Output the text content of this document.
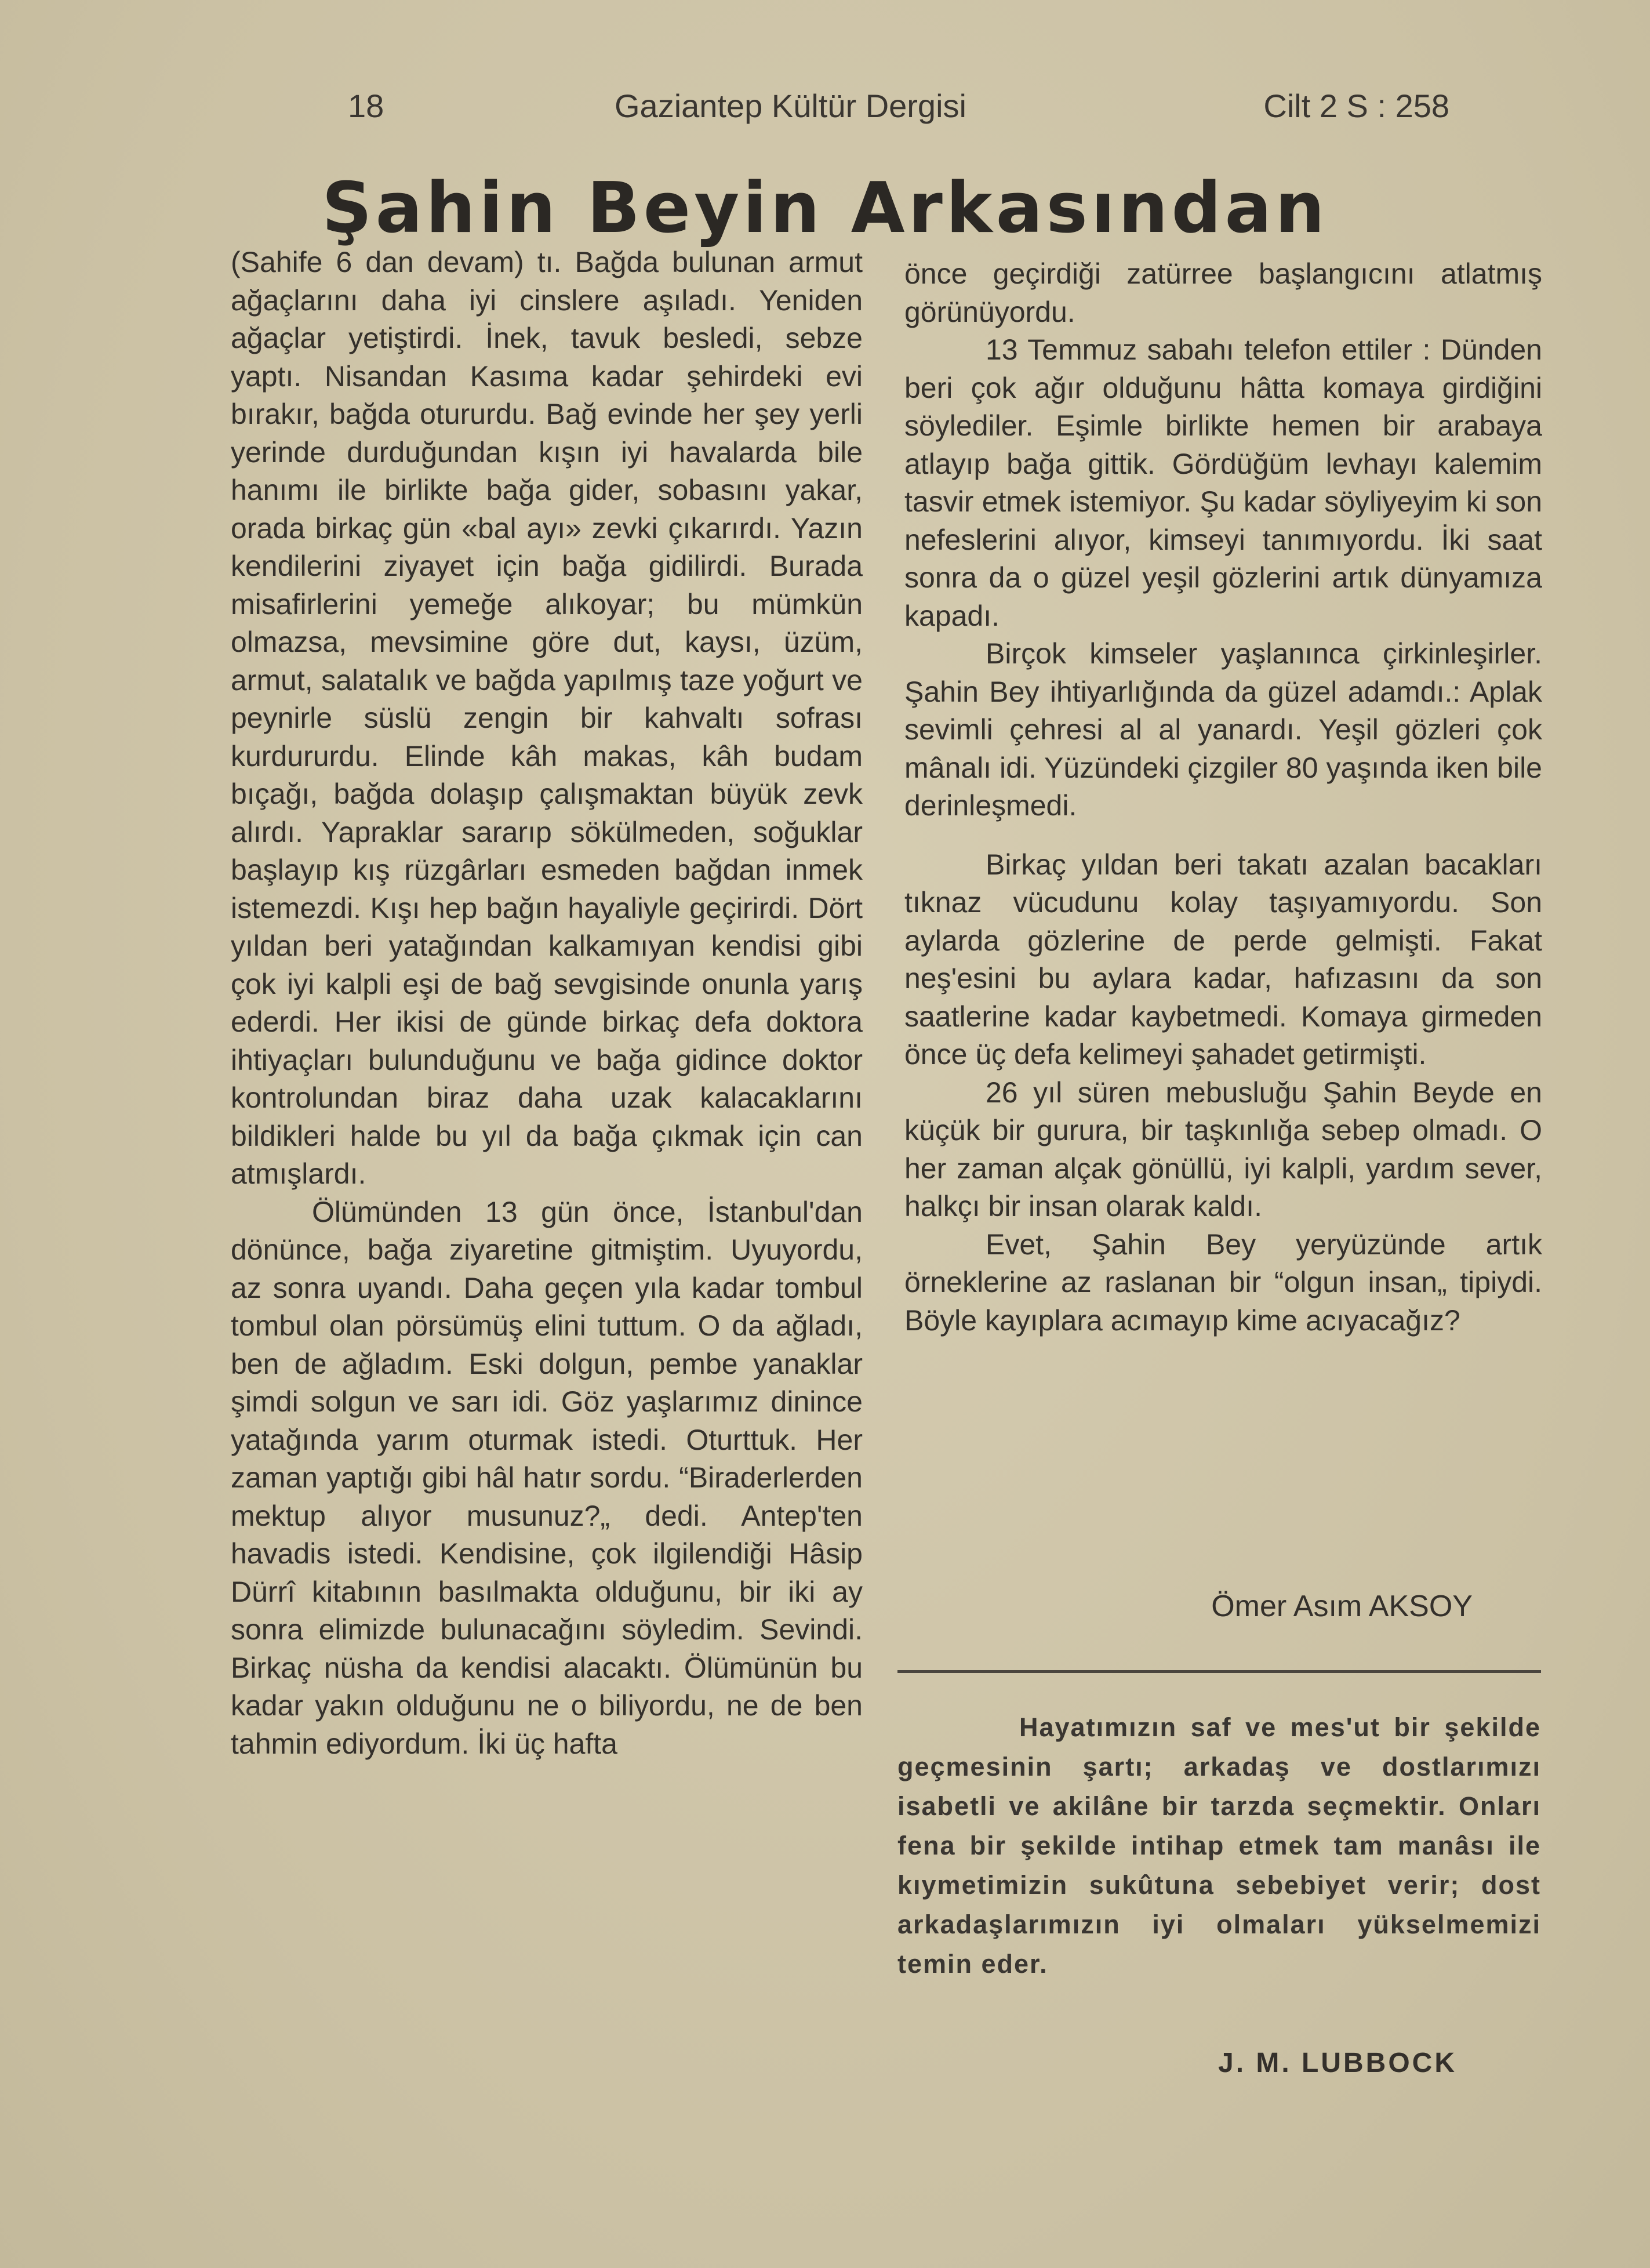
18	Gaziantep Kültür Dergisi	Cilt 2 S : 258
Şahin Beyin Arkasından

(Sahife 6 dan devam) tı. Bağda bulunan armut ağaçlarını daha iyi cinslere aşıladı. Yeniden ağaçlar yetiştirdi. İnek, tavuk besledi, sebze yaptı. Nisandan Kasıma kadar şehirdeki evi bırakır, bağda otururdu. Bağ evinde her şey yerli yerinde durduğundan kışın iyi havalarda bile hanımı ile birlikte bağa gider, sobasını yakar, orada birkaç gün «bal ayı» zevki çıkarırdı. Yazın kendilerini ziyayet için bağa gidilirdi. Burada misafirlerini yemeğe alıkoyar; bu mümkün olmazsa, mevsimine göre dut, kaysı, üzüm, armut, salatalık ve bağda yapılmış taze yoğurt ve peynirle süslü zengin bir kahvaltı sofrası kurdururdu. Elinde kâh makas, kâh budam bıçağı, bağda dolaşıp çalışmaktan büyük zevk alırdı. Yapraklar sararıp sökülmeden, soğuklar başlayıp kış rüzgârları esmeden bağdan inmek istemezdi. Kışı hep bağın hayaliyle geçirirdi. Dört yıldan beri yatağından kalkamıyan kendisi gibi çok iyi kalpli eşi de bağ sevgisinde onunla yarış ederdi. Her ikisi de günde birkaç defa doktora ihtiyaçları bulunduğunu ve bağa gidince doktor kontrolundan biraz daha uzak kalacaklarını bildikleri halde bu yıl da bağa çıkmak için can atmışlardı.

Ölümünden 13 gün önce, İstanbul'dan dönünce, bağa ziyaretine gitmiştim. Uyuyordu, az sonra uyandı. Daha geçen yıla kadar tombul tombul olan pörsümüş elini tuttum. O da ağladı, ben de ağladım. Eski dolgun, pembe yanaklar şimdi solgun ve sarı idi. Göz yaşlarımız dinince yatağında yarım oturmak istedi. Oturttuk. Her zaman yaptığı gibi hâl hatır sordu. “Biraderlerden mektup alıyor musunuz?„ dedi. Antep'ten havadis istedi. Kendisine, çok ilgilendiği Hâsip Dürrî kitabının basılmakta olduğunu, bir iki ay sonra elimizde bulunacağını söyledim. Sevindi. Birkaç nüsha da kendisi alacaktı. Ölümünün bu kadar yakın olduğunu ne o biliyordu, ne de ben tahmin ediyordum. İki üç hafta

önce geçirdiği zatürree başlangıcını atlatmış görünüyordu.

13 Temmuz sabahı telefon ettiler : Dünden beri çok ağır olduğunu hâtta komaya girdiğini söylediler. Eşimle birlikte hemen bir arabaya atlayıp bağa gittik. Gördüğüm levhayı kalemim tasvir etmek istemiyor. Şu kadar söyliyeyim ki son nefeslerini alıyor, kimseyi tanımıyordu. İki saat sonra da o güzel yeşil gözlerini artık dünyamıza kapadı.

Birçok kimseler yaşlanınca çirkinleşirler. Şahin Bey ihtiyarlığında da güzel adamdı.: Aplak sevimli çehresi al al yanardı. Yeşil gözleri çok mânalı idi. Yüzündeki çizgiler 80 yaşında iken bile derinleşmedi.

Birkaç yıldan beri takatı azalan bacakları tıknaz vücudunu kolay taşıyamıyordu. Son aylarda gözlerine de perde gelmişti. Fakat neş'esini bu aylara kadar, hafızasını da son saatlerine kadar kaybetmedi. Komaya girmeden önce üç defa kelimeyi şahadet getirmişti.

26 yıl süren mebusluğu Şahin Beyde en küçük bir gurura, bir taşkınlığa sebep olmadı. O her zaman alçak gönüllü, iyi kalpli, yardım sever, halkçı bir insan olarak kaldı.

Evet, Şahin Bey yeryüzünde artık örneklerine az raslanan bir “olgun insan„ tipiydi. Böyle kayıplara acımayıp kime acıyacağız?

Ömer Asım AKSOY

Hayatımızın saf ve mes'ut bir şekilde geçmesinin şartı; arkadaş ve dostlarımızı isabetli ve akilâne bir tarzda seçmektir. Onları fena bir şekilde intihap etmek tam manâsı ile kıymetimizin sukûtuna sebebiyet verir; dost arkadaşlarımızın iyi olmaları yükselmemizi temin eder.

J. M. LUBBOCK
